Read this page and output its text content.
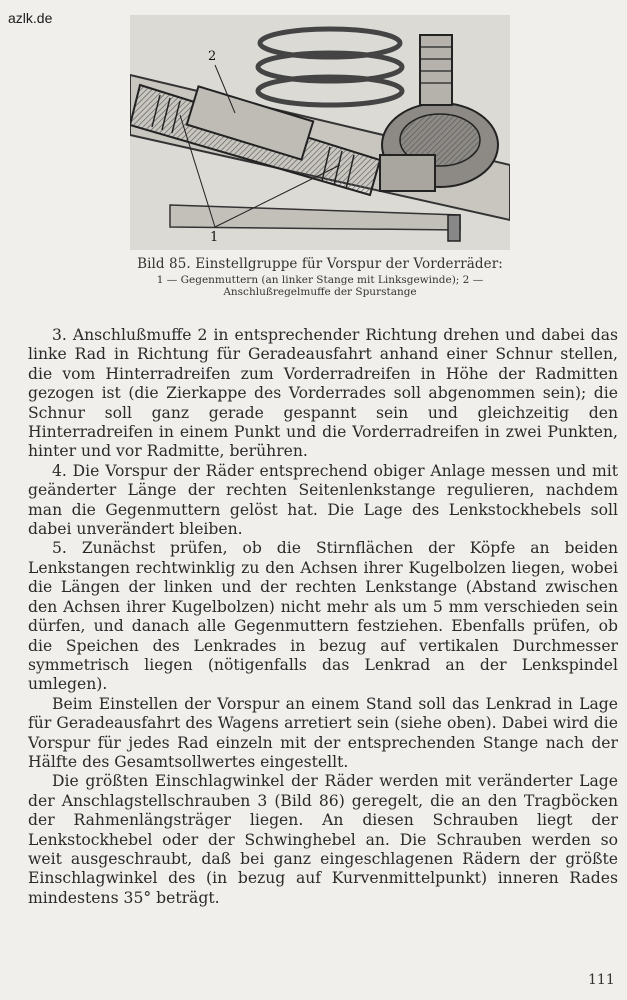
azlk.de
2
1
Bild 85. Einstellgruppe für Vorspur der Vorderräder:
1 — Gegenmuttern (an linker Stange mit Linksgewinde); 2 —
Anschlußregelmuffe der Spurstange

3. Anschlußmuffe 2 in entsprechender Richtung drehen und dabei das linke Rad in Richtung für Geradeausfahrt anhand einer Schnur stellen, die vom Hinterradreifen zum Vorderradreifen in Höhe der Radmitten gezogen ist (die Zierkappe des Vorderrades soll abgenommen sein); die Schnur soll ganz gerade gespannt sein und gleichzeitig den Hinterradreifen in einem Punkt und die Vorderradreifen in zwei Punkten, hinter und vor Radmitte, berühren.

4. Die Vorspur der Räder entsprechend obiger Anlage messen und mit geänderter Länge der rechten Seitenlenkstange regulieren, nachdem man die Gegenmuttern gelöst hat. Die Lage des Lenkstockhebels soll dabei unverändert bleiben.

5. Zunächst prüfen, ob die Stirnflächen der Köpfe an beiden Lenkstangen rechtwinklig zu den Achsen ihrer Kugelbolzen liegen, wobei die Längen der linken und der rechten Lenkstange (Abstand zwischen den Achsen ihrer Kugelbolzen) nicht mehr als um 5 mm verschieden sein dürfen, und danach alle Gegenmuttern festziehen. Ebenfalls prüfen, ob die Speichen des Lenkrades in bezug auf vertikalen Durchmesser symmetrisch liegen (nötigenfalls das Lenkrad an der Lenkspindel umlegen).

Beim Einstellen der Vorspur an einem Stand soll das Lenkrad in Lage für Geradeausfahrt des Wagens arretiert sein (siehe oben). Dabei wird die Vorspur für jedes Rad einzeln mit der entsprechenden Stange nach der Hälfte des Gesamtsollwertes eingestellt.

Die größten Einschlagwinkel der Räder werden mit veränderter Lage der Anschlagstellschrauben 3 (Bild 86) geregelt, die an den Tragböcken der Rahmenlängsträger liegen. An diesen Schrauben liegt der Lenkstockhebel oder der Schwinghebel an. Die Schrauben werden so weit ausgeschraubt, daß bei ganz eingeschlagenen Rädern der größte Einschlagwinkel des (in bezug auf Kurvenmittelpunkt) inneren Rades mindestens 35° beträgt.

111
